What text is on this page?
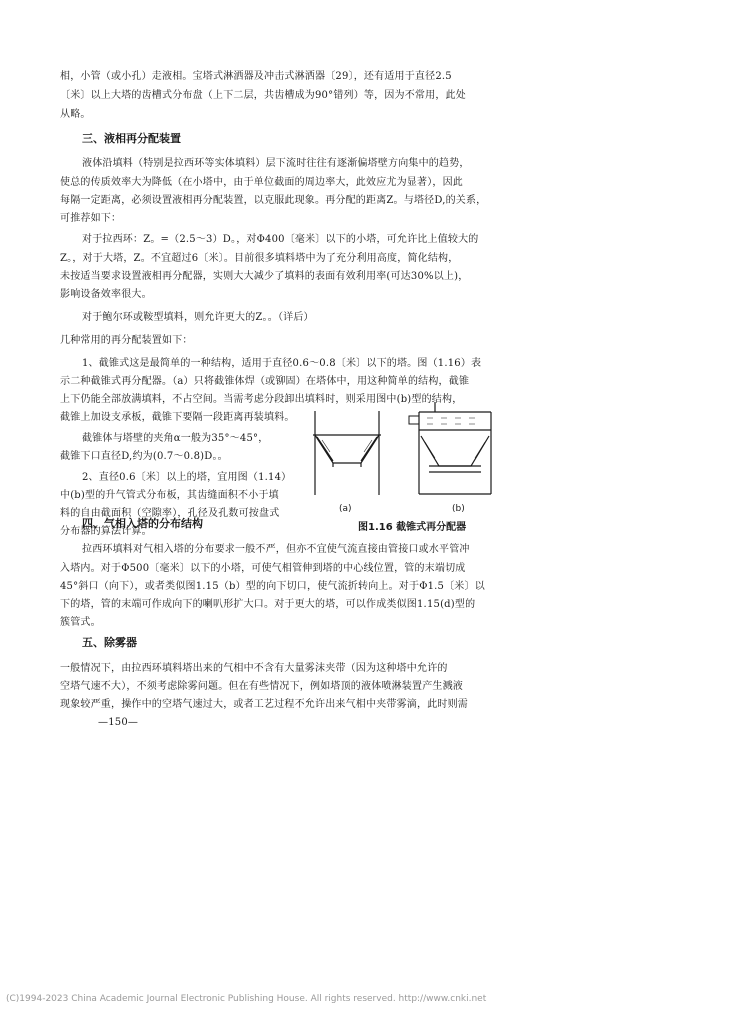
相，小管（或小孔）走液相。宝塔式淋洒器及冲击式淋洒器〔29〕，还有适用于直径2.5
〔米〕以上大塔的齿槽式分布盘（上下二层，共齿槽成为90°错列）等，因为不常用，此处
从略。
三、液相再分配装置
液体沿填料（特别是拉西环等实体填料）层下流时往往有逐渐偏塔壁方向集中的趋势，
使总的传质效率大为降低（在小塔中，由于单位截面的周边率大，此效应尤为显著），因此
每隔一定距离，必须设置液相再分配装置，以克服此现象。再分配的距离Z。与塔径D,的关系，
可推荐如下：
对于拉西环：Z。=（2.5～3）D。，对Φ400〔毫米〕以下的小塔，可允许比上值较大的
Z。，对于大塔，Z。不宜超过6〔米〕。目前很多填料塔中为了充分利用高度，简化结构，
未按适当要求设置液相再分配器，实则大大减少了填料的表面有效利用率(可达30%以上)，
影响设备效率很大。
对于鲍尔环或鞍型填料，则允许更大的Z。。（详后）
几种常用的再分配装置如下：
1、截锥式这是最简单的一种结构，适用于直径0.6～0.8〔米〕以下的塔。图（1.16）表
示二种截锥式再分配器。（a）只将截锥体焊（或铆固）在塔体中，用这种简单的结构，截锥
上下仍能全部放满填料，不占空间。当需考虑分段卸出填料时，则采用图中(b)型的结构，
截锥上加设支承板，截锥下要隔一段距离再装填料。
截锥体与塔壁的夹角α一般为35°～45°，
截锥下口直径D,约为(0.7～0.8)D。。
2、直径0.6〔米〕以上的塔，宜用图（1.14）
中(b)型的升气管式分布板，其齿缝面积不小于填
料的自由截面积（空隙率），孔径及孔数可按盘式
分布器的算法计算。
(a)	(b)
图1.16 截锥式再分配器
四、气相入塔的分布结构
拉西环填料对气相入塔的分布要求一般不严，但亦不宜使气流直接由管接口或水平管冲
入塔内。对于Φ500〔毫米〕以下的小塔，可使气相管伸到塔的中心线位置，管的末端切成
45°斜口（向下），或者类似图1.15（b）型的向下切口，使气流折转向上。对于Φ1.5〔米〕以
下的塔，管的末端可作成向下的喇叭形扩大口。对于更大的塔，可以作成类似图1.15(d)型的
簇管式。
五、除雾器
一般情况下，由拉西环填料塔出来的气相中不含有大量雾沫夹带（因为这种塔中允许的
空塔气速不大），不须考虑除雾问题。但在有些情况下，例如塔顶的液体喷淋装置产生溅液
现象较严重，操作中的空塔气速过大，或者工艺过程不允许出来气相中夹带雾滴，此时则需
—150—
(C)1994-2023 China Academic Journal Electronic Publishing House. All rights reserved. http://www.cnki.net
